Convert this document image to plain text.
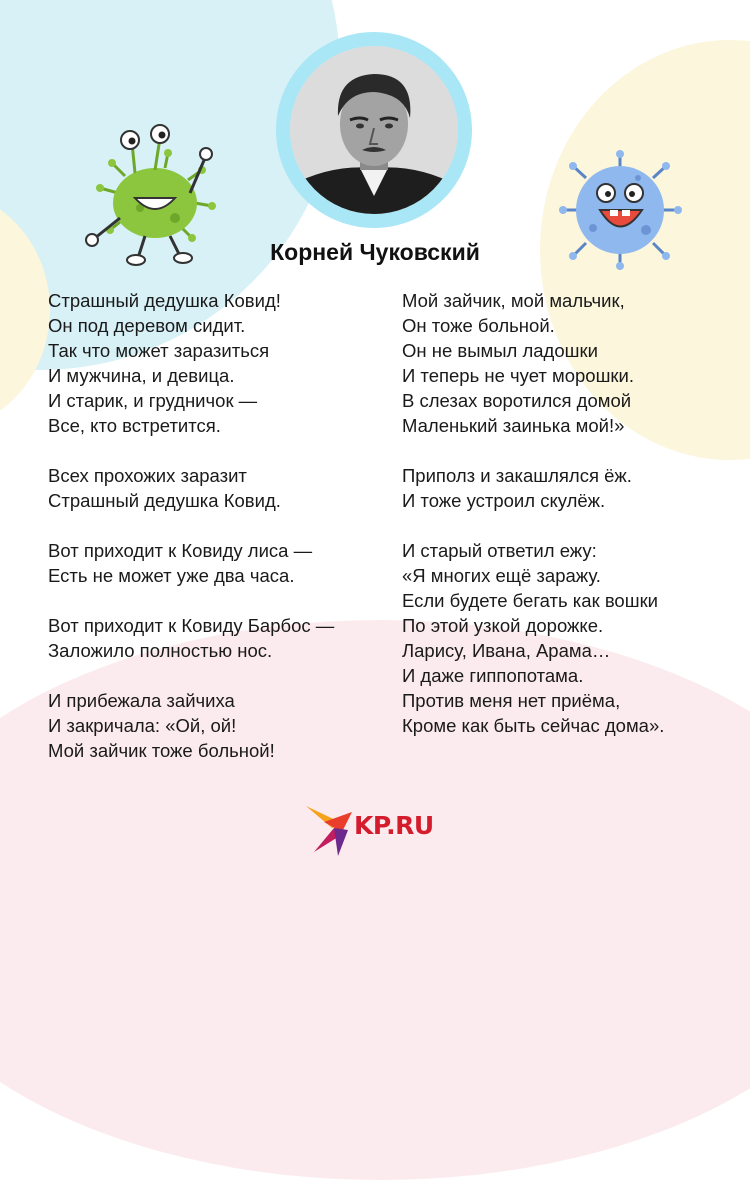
Корней Чуковский
Страшный дедушка Ковид!
Он под деревом сидит.
Так что может заразиться
И мужчина, и девица.
И старик, и грудничок —
Все, кто встретится.
Всех прохожих заразит
Страшный дедушка Ковид.
Вот приходит к Ковиду лиса —
Есть не может уже два часа.
Вот приходит к Ковиду Барбос —
Заложило полностью нос.
И прибежала зайчиха
И закричала: «Ой, ой!
Мой зайчик тоже больной!
Мой зайчик, мой мальчик,
Он тоже больной.
Он не вымыл ладошки
И теперь не чует морошки.
В слезах воротился домой
Маленький заинька мой!»
Приполз и закашлялся ёж.
И тоже устроил скулёж.
И старый ответил ежу:
«Я многих ещё заражу.
Если будете бегать как вошки
По этой узкой дорожке.
Ларису, Ивана, Арама…
И даже гиппопотама.
Против меня нет приёма,
Кроме как быть сейчас дома».
KP.RU
